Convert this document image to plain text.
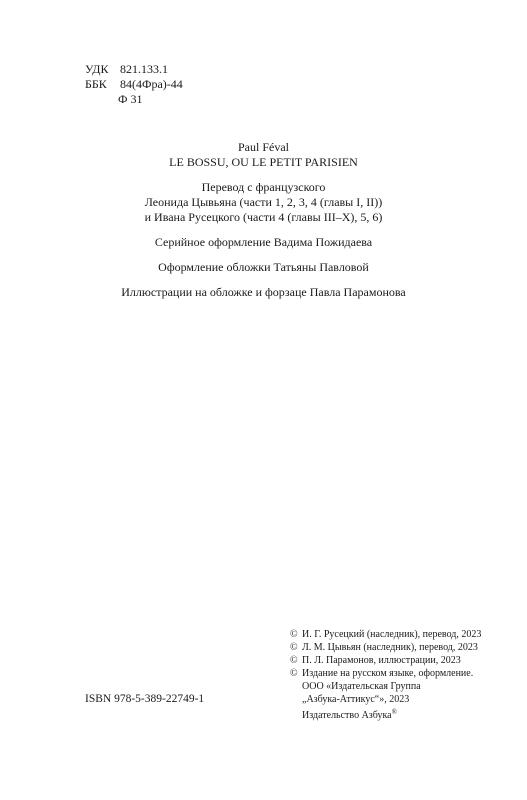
УДК 821.133.1
ББК 84(4Фра)-44
Ф 31
Paul Féval
LE BOSSU, OU LE PETIT PARISIEN
Перевод с французского
Леонида Цывьяна (части 1, 2, 3, 4 (главы I, II))
и Ивана Русецкого (части 4 (главы III–X), 5, 6)
Серийное оформление Вадима Пожидаева
Оформление обложки Татьяны Павловой
Иллюстрации на обложке и форзаце Павла Парамонова
ISBN 978-5-389-22749-1
© И. Г. Русецкий (наследник), перевод, 2023
© Л. М. Цывьян (наследник), перевод, 2023
© П. Л. Парамонов, иллюстрации, 2023
© Издание на русском языке, оформление.
ООО «Издательская Группа
„Азбука-Аттикус“», 2023
Издательство Азбука®
